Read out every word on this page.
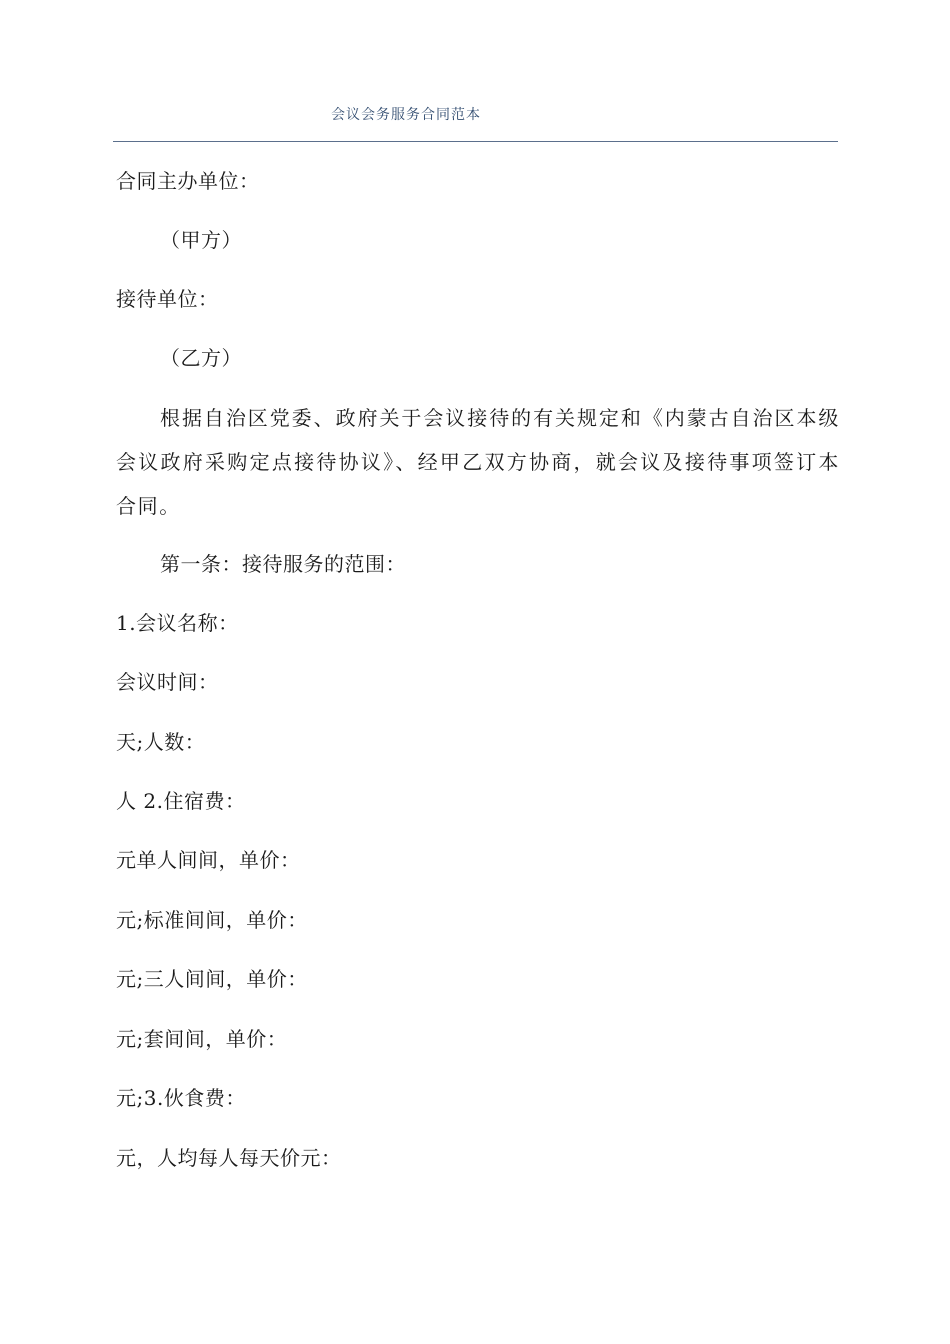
会议会务服务合同范本
合同主办单位：
（甲方）
接待单位：
（乙方）
根据自治区党委、政府关于会议接待的有关规定和《内蒙古自治区本级会议政府采购定点接待协议》、经甲乙双方协商，就会议及接待事项签订本合同。
第一条：接待服务的范围：
1.会议名称：
会议时间：
天;人数：
人 2.住宿费：
元单人间间，单价：
元;标准间间，单价：
元;三人间间，单价：
元;套间间，单价：
元;3.伙食费：
元，人均每人每天价元：
